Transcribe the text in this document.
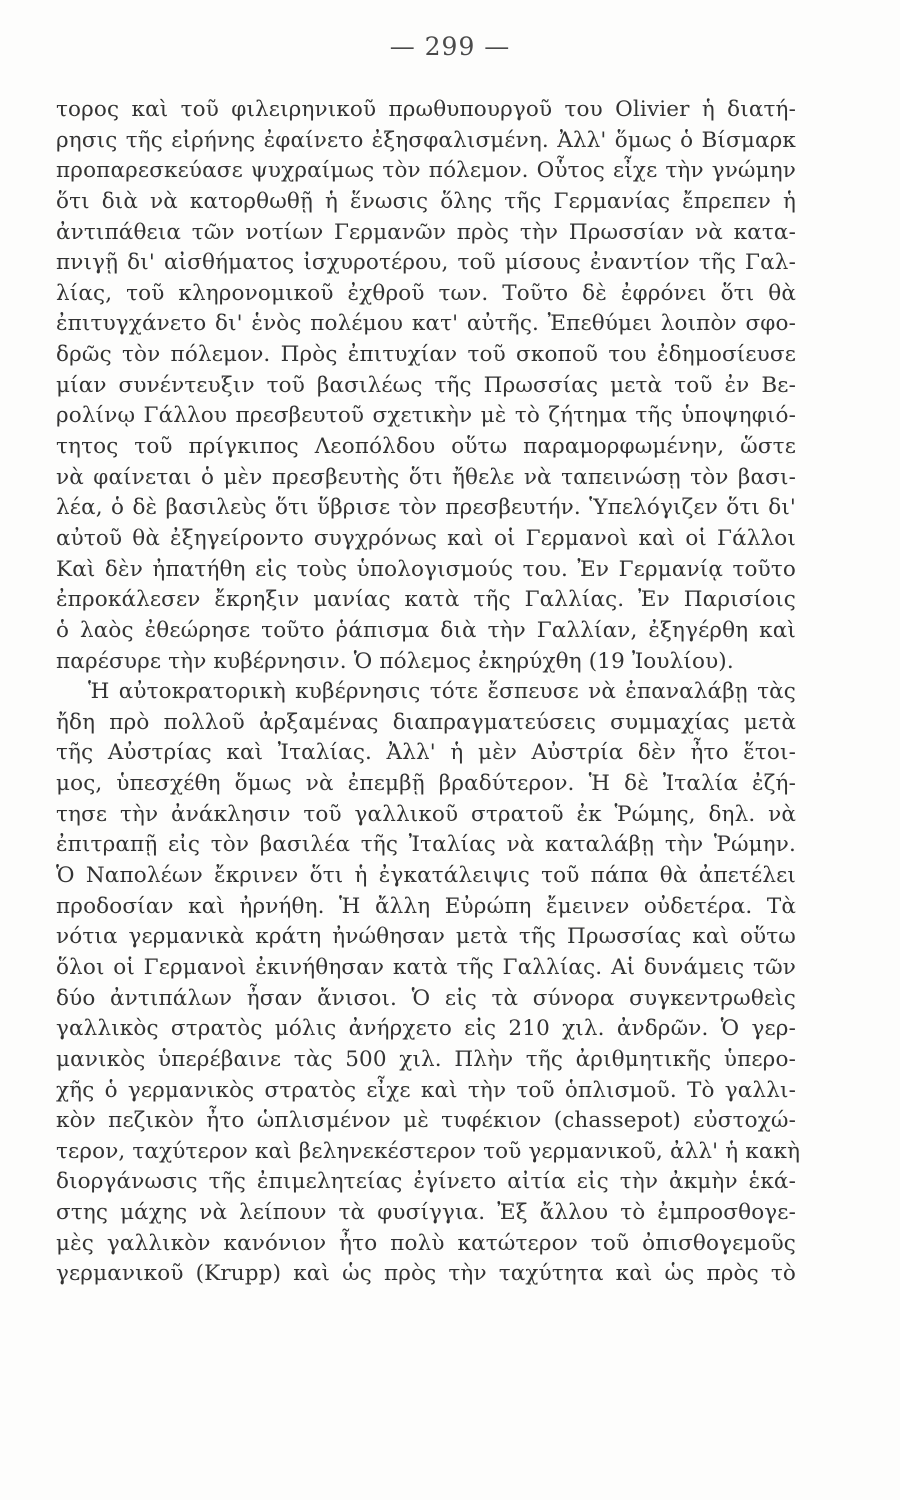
— 299 —
τορος καὶ τοῦ φιλειρηνικοῦ πρωθυπουργοῦ του Olivier ἡ διατή-
ρησις τῆς εἰρήνης ἐφαίνετο ἐξησφαλισμένη. Ἀλλ' ὅμως ὁ Βίσμαρκ
προπαρεσκεύασε ψυχραίμως τὸν πόλεμον. Οὗτος εἶχε τὴν γνώμην
ὅτι διὰ νὰ κατορθωθῇ ἡ ἕνωσις ὅλης τῆς Γερμανίας ἔπρεπεν ἡ
ἀντιπάθεια τῶν νοτίων Γερμανῶν πρὸς τὴν Πρωσσίαν νὰ κατα-
πνιγῇ δι' αἰσθήματος ἰσχυροτέρου, τοῦ μίσους ἐναντίον τῆς Γαλ-
λίας, τοῦ κληρονομικοῦ ἐχθροῦ των. Τοῦτο δὲ ἐφρόνει ὅτι θὰ
ἐπιτυγχάνετο δι' ἑνὸς πολέμου κατ' αὐτῆς. Ἐπεθύμει λοιπὸν σφο-
δρῶς τὸν πόλεμον. Πρὸς ἐπιτυχίαν τοῦ σκοποῦ του ἐδημοσίευσε
μίαν συνέντευξιν τοῦ βασιλέως τῆς Πρωσσίας μετὰ τοῦ ἐν Βε-
ρολίνῳ Γάλλου πρεσβευτοῦ σχετικὴν μὲ τὸ ζήτημα τῆς ὑποψηφιό-
τητος τοῦ πρίγκιπος Λεοπόλδου οὕτω παραμορφωμένην, ὥστε
νὰ φαίνεται ὁ μὲν πρεσβευτὴς ὅτι ἤθελε νὰ ταπεινώσῃ τὸν βασι-
λέα, ὁ δὲ βασιλεὺς ὅτι ὕβρισε τὸν πρεσβευτήν. Ὑπελόγιζεν ὅτι δι'
αὐτοῦ θὰ ἐξηγείροντο συγχρόνως καὶ οἱ Γερμανοὶ καὶ οἱ Γάλλοι
Καὶ δὲν ἠπατήθη εἰς τοὺς ὑπολογισμούς του. Ἐν Γερμανίᾳ τοῦτο
ἐπροκάλεσεν ἔκρηξιν μανίας κατὰ τῆς Γαλλίας. Ἐν Παρισίοις
ὁ λαὸς ἐθεώρησε τοῦτο ῥάπισμα διὰ τὴν Γαλλίαν, ἐξηγέρθη καὶ
παρέσυρε τὴν κυβέρνησιν. Ὁ πόλεμος ἐκηρύχθη (19 Ἰουλίου).
Ἡ αὐτοκρατορικὴ κυβέρνησις τότε ἔσπευσε νὰ ἐπαναλάβῃ τὰς
ἤδη πρὸ πολλοῦ ἀρξαμένας διαπραγματεύσεις συμμαχίας μετὰ
τῆς Αὐστρίας καὶ Ἰταλίας. Ἀλλ' ἡ μὲν Αὐστρία δὲν ἦτο ἕτοι-
μος, ὑπεσχέθη ὅμως νὰ ἐπεμβῇ βραδύτερον. Ἡ δὲ Ἰταλία ἐζή-
τησε τὴν ἀνάκλησιν τοῦ γαλλικοῦ στρατοῦ ἐκ Ῥώμης, δηλ. νὰ
ἐπιτραπῇ εἰς τὸν βασιλέα τῆς Ἰταλίας νὰ καταλάβῃ τὴν Ῥώμην.
Ὁ Ναπολέων ἔκρινεν ὅτι ἡ ἐγκατάλειψις τοῦ πάπα θὰ ἀπετέλει
προδοσίαν καὶ ἠρνήθη. Ἡ ἄλλη Εὐρώπη ἔμεινεν οὐδετέρα. Τὰ
νότια γερμανικὰ κράτη ἠνώθησαν μετὰ τῆς Πρωσσίας καὶ οὕτω
ὅλοι οἱ Γερμανοὶ ἐκινήθησαν κατὰ τῆς Γαλλίας. Αἱ δυνάμεις τῶν
δύο ἀντιπάλων ἦσαν ἄνισοι. Ὁ εἰς τὰ σύνορα συγκεντρωθεὶς
γαλλικὸς στρατὸς μόλις ἀνήρχετο εἰς 210 χιλ. ἀνδρῶν. Ὁ γερ-
μανικὸς ὑπερέβαινε τὰς 500 χιλ. Πλὴν τῆς ἀριθμητικῆς ὑπερο-
χῆς ὁ γερμανικὸς στρατὸς εἶχε καὶ τὴν τοῦ ὁπλισμοῦ. Τὸ γαλλι-
κὸν πεζικὸν ἦτο ὡπλισμένον μὲ τυφέκιον (chassepot) εὐστοχώ-
τερον, ταχύτερον καὶ βεληνεκέστερον τοῦ γερμανικοῦ, ἀλλ' ἡ κακὴ
διοργάνωσις τῆς ἐπιμελητείας ἐγίνετο αἰτία εἰς τὴν ἀκμὴν ἑκά-
στης μάχης νὰ λείπουν τὰ φυσίγγια. Ἐξ ἄλλου τὸ ἐμπροσθογε-
μὲς γαλλικὸν κανόνιον ἦτο πολὺ κατώτερον τοῦ ὀπισθογεμοῦς
γερμανικοῦ (Krupp) καὶ ὡς πρὸς τὴν ταχύτητα καὶ ὡς πρὸς τὸ
